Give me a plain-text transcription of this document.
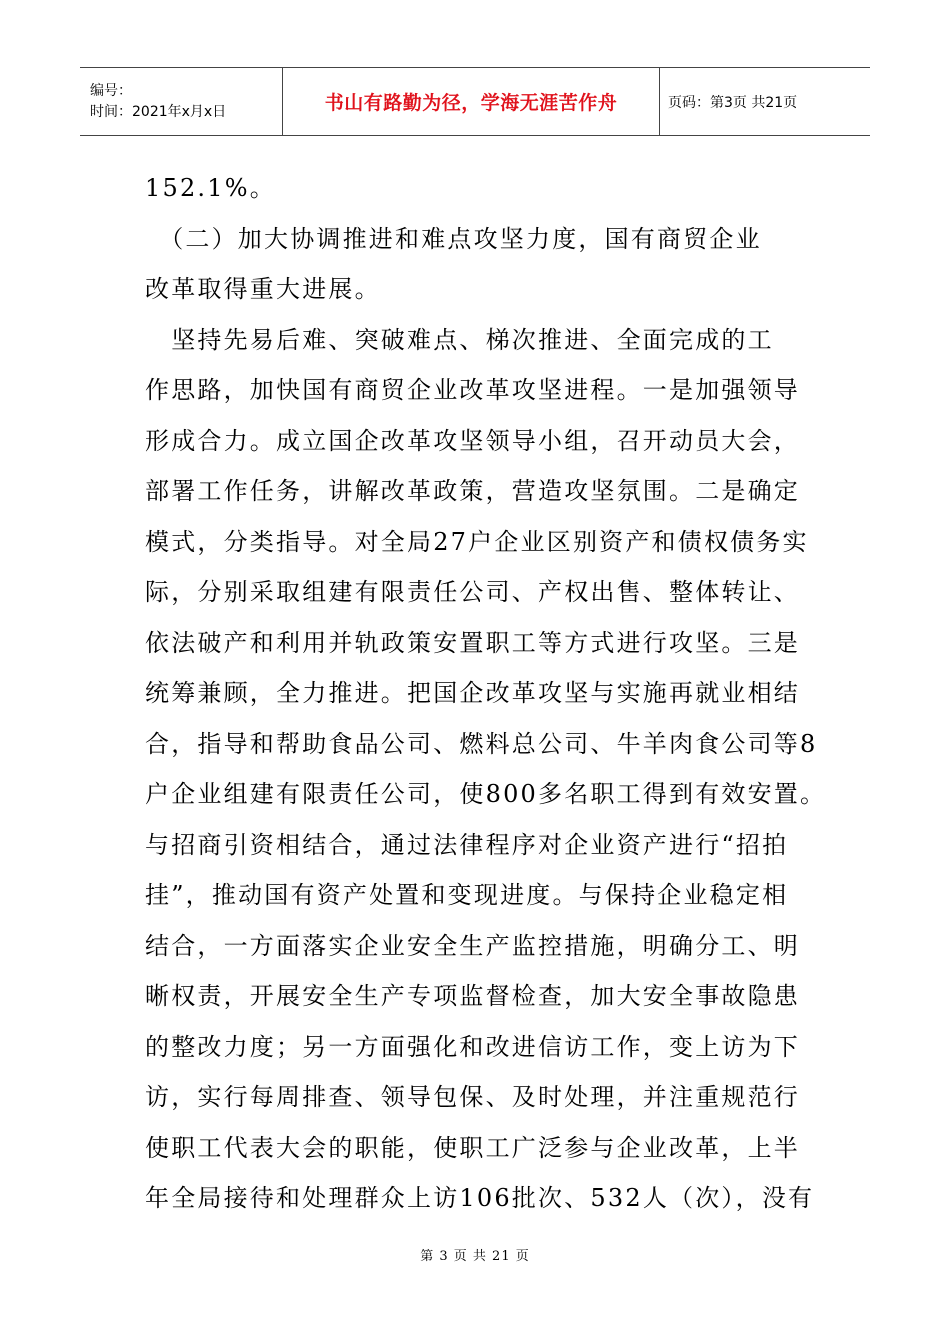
编号：
时间：2021年x月x日	书山有路勤为径，学海无涯苦作舟	页码：第3页 共21页
152.1%。
　（二）加大协调推进和难点攻坚力度，国有商贸企业
改革取得重大进展。
　坚持先易后难、突破难点、梯次推进、全面完成的工
作思路，加快国有商贸企业改革攻坚进程。一是加强领导
形成合力。成立国企改革攻坚领导小组，召开动员大会，
部署工作任务，讲解改革政策，营造攻坚氛围。二是确定
模式，分类指导。对全局27户企业区别资产和债权债务实
际，分别采取组建有限责任公司、产权出售、整体转让、
依法破产和利用并轨政策安置职工等方式进行攻坚。三是
统筹兼顾，全力推进。把国企改革攻坚与实施再就业相结
合，指导和帮助食品公司、燃料总公司、牛羊肉食公司等8
户企业组建有限责任公司，使800多名职工得到有效安置。
与招商引资相结合，通过法律程序对企业资产进行“招拍
挂”，推动国有资产处置和变现进度。与保持企业稳定相
结合，一方面落实企业安全生产监控措施，明确分工、明
晰权责，开展安全生产专项监督检查，加大安全事故隐患
的整改力度；另一方面强化和改进信访工作，变上访为下
访，实行每周排查、领导包保、及时处理，并注重规范行
使职工代表大会的职能，使职工广泛参与企业改革，上半
年全局接待和处理群众上访106批次、532人（次），没有
第 3 页 共 21 页
